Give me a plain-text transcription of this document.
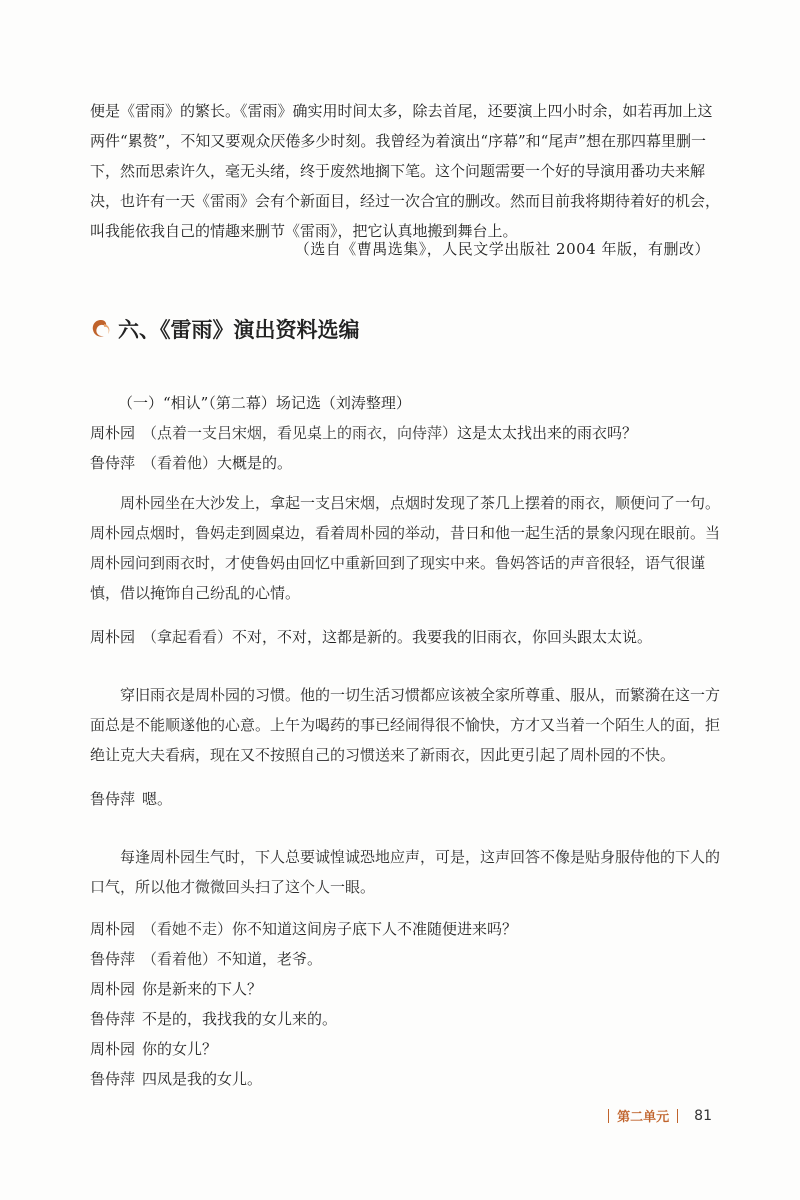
便是《雷雨》的繁长。《雷雨》确实用时间太多，除去首尾，还要演上四小时余，如若再加上这两件“累赘”，不知又要观众厌倦多少时刻。我曾经为着演出“序幕”和“尾声”想在那四幕里删一下，然而思索许久，毫无头绪，终于废然地搁下笔。这个问题需要一个好的导演用番功夫来解决，也许有一天《雷雨》会有个新面目，经过一次合宜的删改。然而目前我将期待着好的机会，叫我能依我自己的情趣来删节《雷雨》，把它认真地搬到舞台上。

（选自《曹禺选集》，人民文学出版社 2004 年版，有删改）
六、《雷雨》演出资料选编
（一）“相认”（第二幕）场记选（刘涛整理）
周朴园 （点着一支吕宋烟，看见桌上的雨衣，向侍萍）这是太太找出来的雨衣吗？
鲁侍萍 （看着他）大概是的。

周朴园坐在大沙发上，拿起一支吕宋烟，点烟时发现了茶几上摆着的雨衣，顺便问了一句。周朴园点烟时，鲁妈走到圆桌边，看着周朴园的举动，昔日和他一起生活的景象闪现在眼前。当周朴园问到雨衣时，才使鲁妈由回忆中重新回到了现实中来。鲁妈答话的声音很轻，语气很谨慎，借以掩饰自己纷乱的心情。

周朴园 （拿起看看）不对，不对，这都是新的。我要我的旧雨衣，你回头跟太太说。

穿旧雨衣是周朴园的习惯。他的一切生活习惯都应该被全家所尊重、服从，而繁漪在这一方面总是不能顺遂他的心意。上午为喝药的事已经闹得很不愉快，方才又当着一个陌生人的面，拒绝让克大夫看病，现在又不按照自己的习惯送来了新雨衣，因此更引起了周朴园的不快。

鲁侍萍 嗯。

每逢周朴园生气时，下人总要诚惶诚恐地应声，可是，这声回答不像是贴身服侍他的下人的口气，所以他才微微回头扫了这个人一眼。

周朴园 （看她不走）你不知道这间房子底下人不准随便进来吗？
鲁侍萍 （看着他）不知道，老爷。
周朴园 你是新来的下人？
鲁侍萍 不是的，我找我的女儿来的。
周朴园 你的女儿？
鲁侍萍 四凤是我的女儿。
第二单元 81
